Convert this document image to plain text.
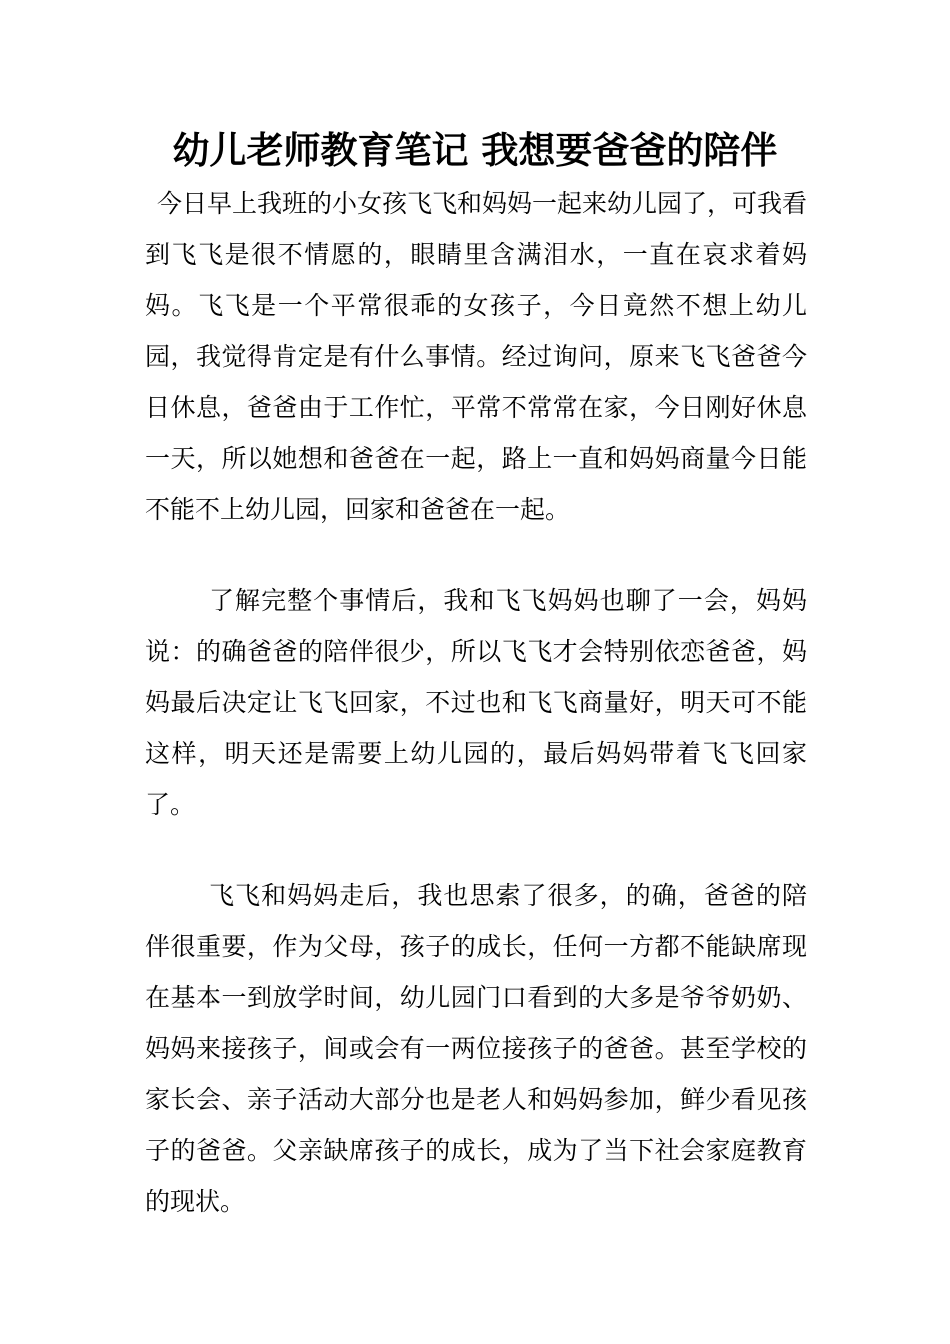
幼儿老师教育笔记 我想要爸爸的陪伴

今日早上我班的小女孩飞飞和妈妈一起来幼儿园了，可我看到飞飞是很不情愿的，眼睛里含满泪水，一直在哀求着妈妈。飞飞是一个平常很乖的女孩子，今日竟然不想上幼儿园，我觉得肯定是有什么事情。经过询问，原来飞飞爸爸今日休息，爸爸由于工作忙，平常不常常在家，今日刚好休息一天，所以她想和爸爸在一起，路上一直和妈妈商量今日能不能不上幼儿园，回家和爸爸在一起。

了解完整个事情后，我和飞飞妈妈也聊了一会，妈妈说：的确爸爸的陪伴很少，所以飞飞才会特别依恋爸爸，妈妈最后决定让飞飞回家，不过也和飞飞商量好，明天可不能这样，明天还是需要上幼儿园的，最后妈妈带着飞飞回家了。

飞飞和妈妈走后，我也思索了很多，的确，爸爸的陪伴很重要，作为父母，孩子的成长，任何一方都不能缺席现在基本一到放学时间，幼儿园门口看到的大多是爷爷奶奶、妈妈来接孩子，间或会有一两位接孩子的爸爸。甚至学校的家长会、亲子活动大部分也是老人和妈妈参加，鲜少看见孩子的爸爸。父亲缺席孩子的成长，成为了当下社会家庭教育的现状。
